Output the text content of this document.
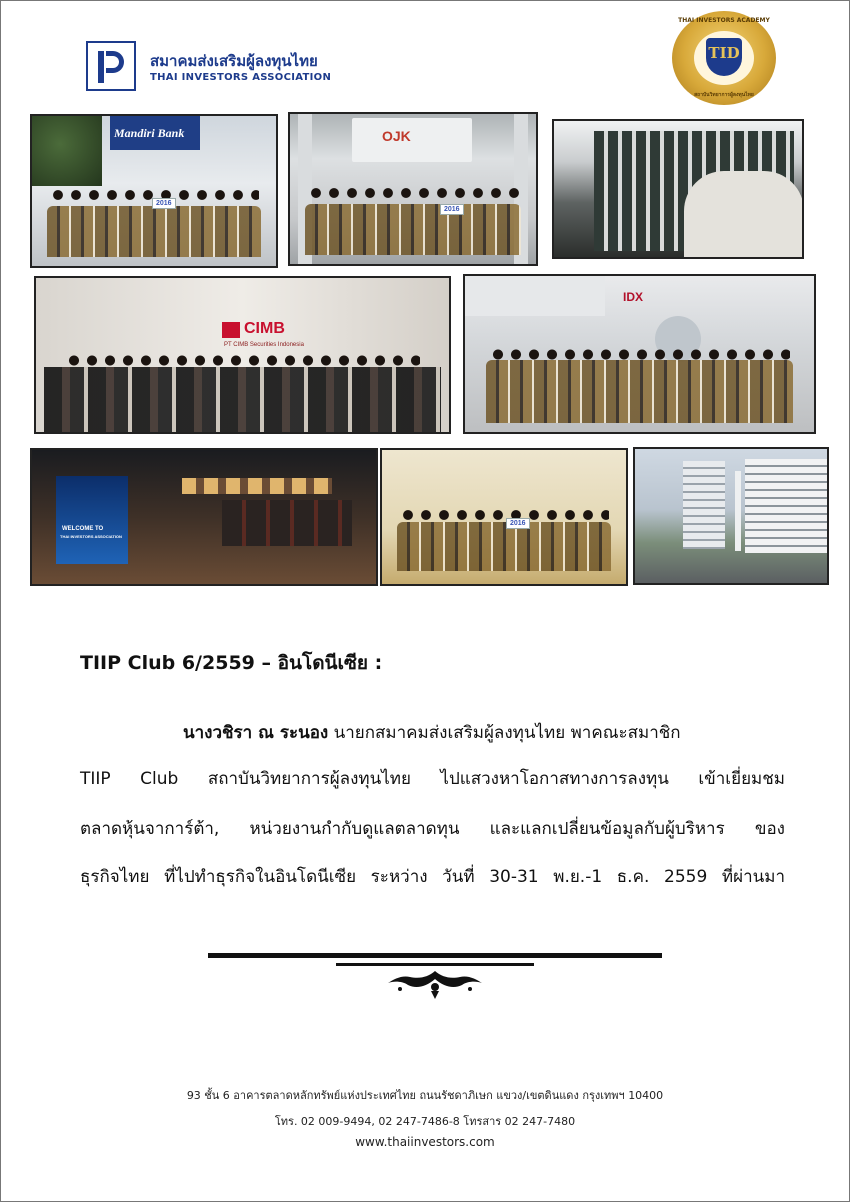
สมาคมส่งเสริมผู้ลงทุนไทย
THAI INVESTORS ASSOCIATION
THAI INVESTORS ACADEMY
TID
สถาบันวิทยาการผู้ลงทุนไทย
Mandiri Bank
2016
OJK
2016
CIMB
PT CIMB Securities Indonesia
IDX
WELCOME TO
THAI INVESTORS ASSOCIATION
2016
TIIP Club 6/2559 – อินโดนีเซีย :
นางวชิรา ณ ระนอง นายกสมาคมส่งเสริมผู้ลงทุนไทย พาคณะสมาชิก
TIIP Club สถาบันวิทยาการผู้ลงทุนไทย ไปแสวงหาโอกาสทางการลงทุน เข้าเยี่ยมชม
ตลาดหุ้นจาการ์ต้า, หน่วยงานกำกับดูแลตลาดทุน และแลกเปลี่ยนข้อมูลกับผู้บริหาร ของ
ธุรกิจไทย ที่ไปทำธุรกิจในอินโดนีเซีย ระหว่าง วันที่ 30-31 พ.ย.-1 ธ.ค. 2559 ที่ผ่านมา
93 ชั้น 6 อาคารตลาดหลักทรัพย์แห่งประเทศไทย ถนนรัชดาภิเษก แขวง/เขตดินแดง กรุงเทพฯ 10400
โทร. 02 009-9494, 02 247-7486-8 โทรสาร 02 247-7480
www.thaiinvestors.com
